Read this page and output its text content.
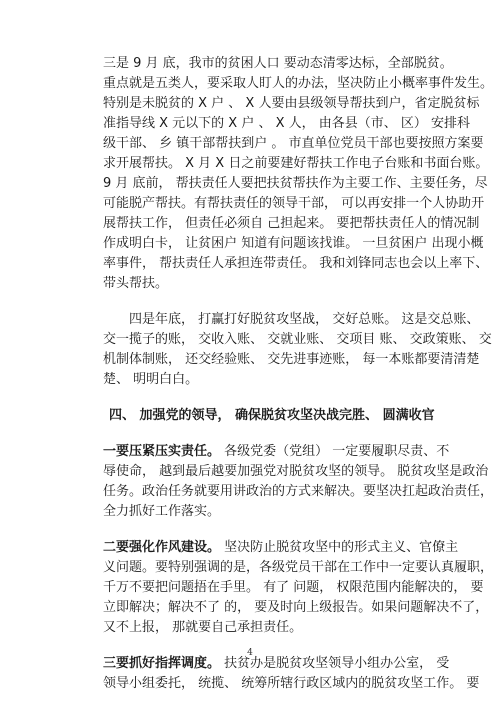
三是 9 月 底，我市的贫困人口 要动态清零达标，全部脱贫。
重点就是五类人，要采取人盯人的办法，坚决防止小概率事件发生。
特别是未脱贫的 X 户 、 X 人要由县级领导帮扶到户，省定脱贫标
准指导线 X 元以下的 X 户 、 X 人， 由各县（市、 区） 安排科
级干部、 乡 镇干部帮扶到户 。 市直单位党员干部也要按照方案要
求开展帮扶。 X 月 X 日之前要建好帮扶工作电子台账和书面台账。
9 月 底前， 帮扶责任人要把扶贫帮扶作为主要工作、主要任务，尽
可能脱产帮扶。有帮扶责任的领导干部， 可以再安排一个人协助开
展帮扶工作， 但责任必须自 己担起来。 要把帮扶责任人的情况制
作成明白卡， 让贫困户 知道有问题该找谁。 一旦贫困户 出现小概
率事件， 帮扶责任人承担连带责任。 我和刘锋同志也会以上率下、
带头帮扶。
四是年底， 打赢打好脱贫攻坚战， 交好总账。 这是交总账、
交一揽子的账， 交收入账、 交就业账、 交项目 账、 交政策账、 交
机制体制账， 还交经验账、 交先进事迹账， 每一本账都要清清楚
楚、 明明白白。
四、 加强党的领导， 确保脱贫攻坚决战完胜、 圆满收官
一要压紧压实责任。 各级党委（党组） 一定要履职尽责、不
辱使命， 越到最后越要加强党对脱贫攻坚的领导。 脱贫攻坚是政治
任务。政治任务就要用讲政治的方式来解决。要坚决扛起政治责任，
全力抓好工作落实。
二要强化作风建设。 坚决防止脱贫攻坚中的形式主义、官僚主
义问题。要特别强调的是，各级党员干部在工作中一定要认真履职，
千万不要把问题捂在手里。 有了 问题， 权限范围内能解决的， 要
立即解决；解决不了 的， 要及时向上级报告。如果问题解决不了，
又不上报， 那就要自己承担责任。
三要抓好指挥调度。 扶贫办是脱贫攻坚领导小组办公室， 受
领导小组委托， 统揽、 统筹所辖行政区域内的脱贫攻坚工作。 要
4
